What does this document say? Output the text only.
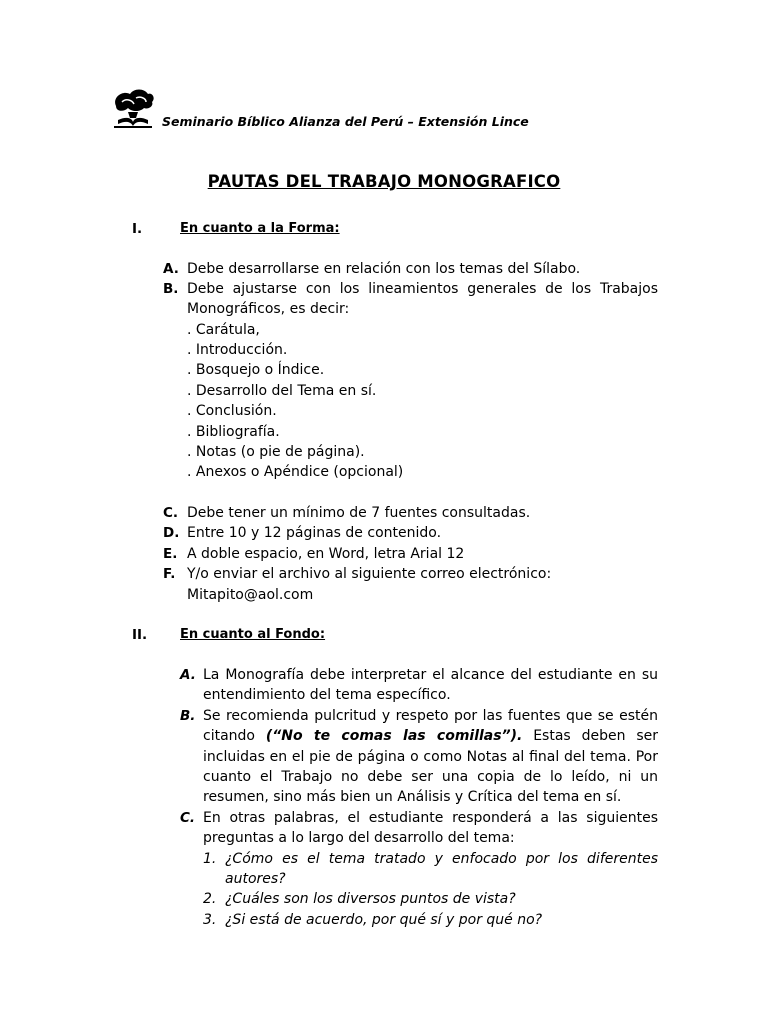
Seminario Bíblico Alianza del Perú – Extensión Lince
PAUTAS DEL TRABAJO MONOGRAFICO
I.	En cuanto a la Forma:
A. Debe desarrollarse en relación con los temas del Sílabo.
B. Debe ajustarse con los lineamientos generales de los Trabajos
Monográficos, es decir:
. Carátula,
. Introducción.
. Bosquejo o Índice.
. Desarrollo del Tema en sí.
. Conclusión.
. Bibliografía.
. Notas (o pie de página).
. Anexos o Apéndice (opcional)
C. Debe tener un mínimo de 7 fuentes consultadas.
D. Entre 10 y 12 páginas de contenido.
E. A doble espacio, en Word, letra Arial 12
F. Y/o enviar el archivo al siguiente correo electrónico:
Mitapito@aol.com
II.	En cuanto al Fondo:
A. La Monografía debe interpretar el alcance del estudiante en su entendimiento del tema específico.
B. Se recomienda pulcritud y respeto por las fuentes que se estén citando (“No te comas las comillas”). Estas deben ser incluidas en el pie de página o como Notas al final del tema. Por cuanto el Trabajo no debe ser una copia de lo leído, ni un resumen, sino más bien un Análisis y Crítica del tema en sí.
C. En otras palabras, el estudiante responderá a las siguientes preguntas a lo largo del desarrollo del tema:
1. ¿Cómo es el tema tratado y enfocado por los diferentes autores?
2. ¿Cuáles son los diversos puntos de vista?
3. ¿Si está de acuerdo, por qué sí y por qué no?
